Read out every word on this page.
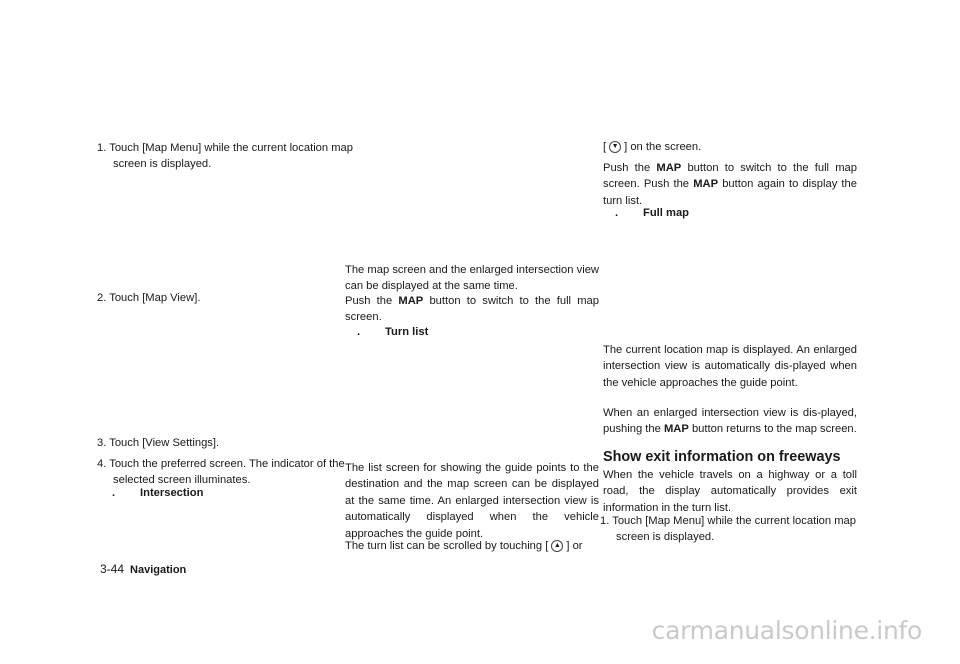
1. Touch [Map Menu] while the current location map screen is displayed.

2. Touch [Map View].

3. Touch [View Settings].

4. Touch the preferred screen. The indicator of the selected screen illuminates.

. Intersection

The map screen and the enlarged intersection view can be displayed at the same time.

Push the MAP button to switch to the full map screen.

. Turn list

The list screen for showing the guide points to the destination and the map screen can be displayed at the same time. An enlarged intersection view is automatically displayed when the vehicle approaches the guide point.

The turn list can be scrolled by touching [ ▲ ] or

[ ▼ ] on the screen.

Push the MAP button to switch to the full map screen. Push the MAP button again to display the turn list.

. Full map

The current location map is displayed. An enlarged intersection view is automatically dis-played when the vehicle approaches the guide point.

When an enlarged intersection view is dis-played, pushing the MAP button returns to the map screen.

Show exit information on freeways

When the vehicle travels on a highway or a toll road, the display automatically provides exit information in the turn list.

1. Touch [Map Menu] while the current location map screen is displayed.

3-44 Navigation
carmanualsonline.info
